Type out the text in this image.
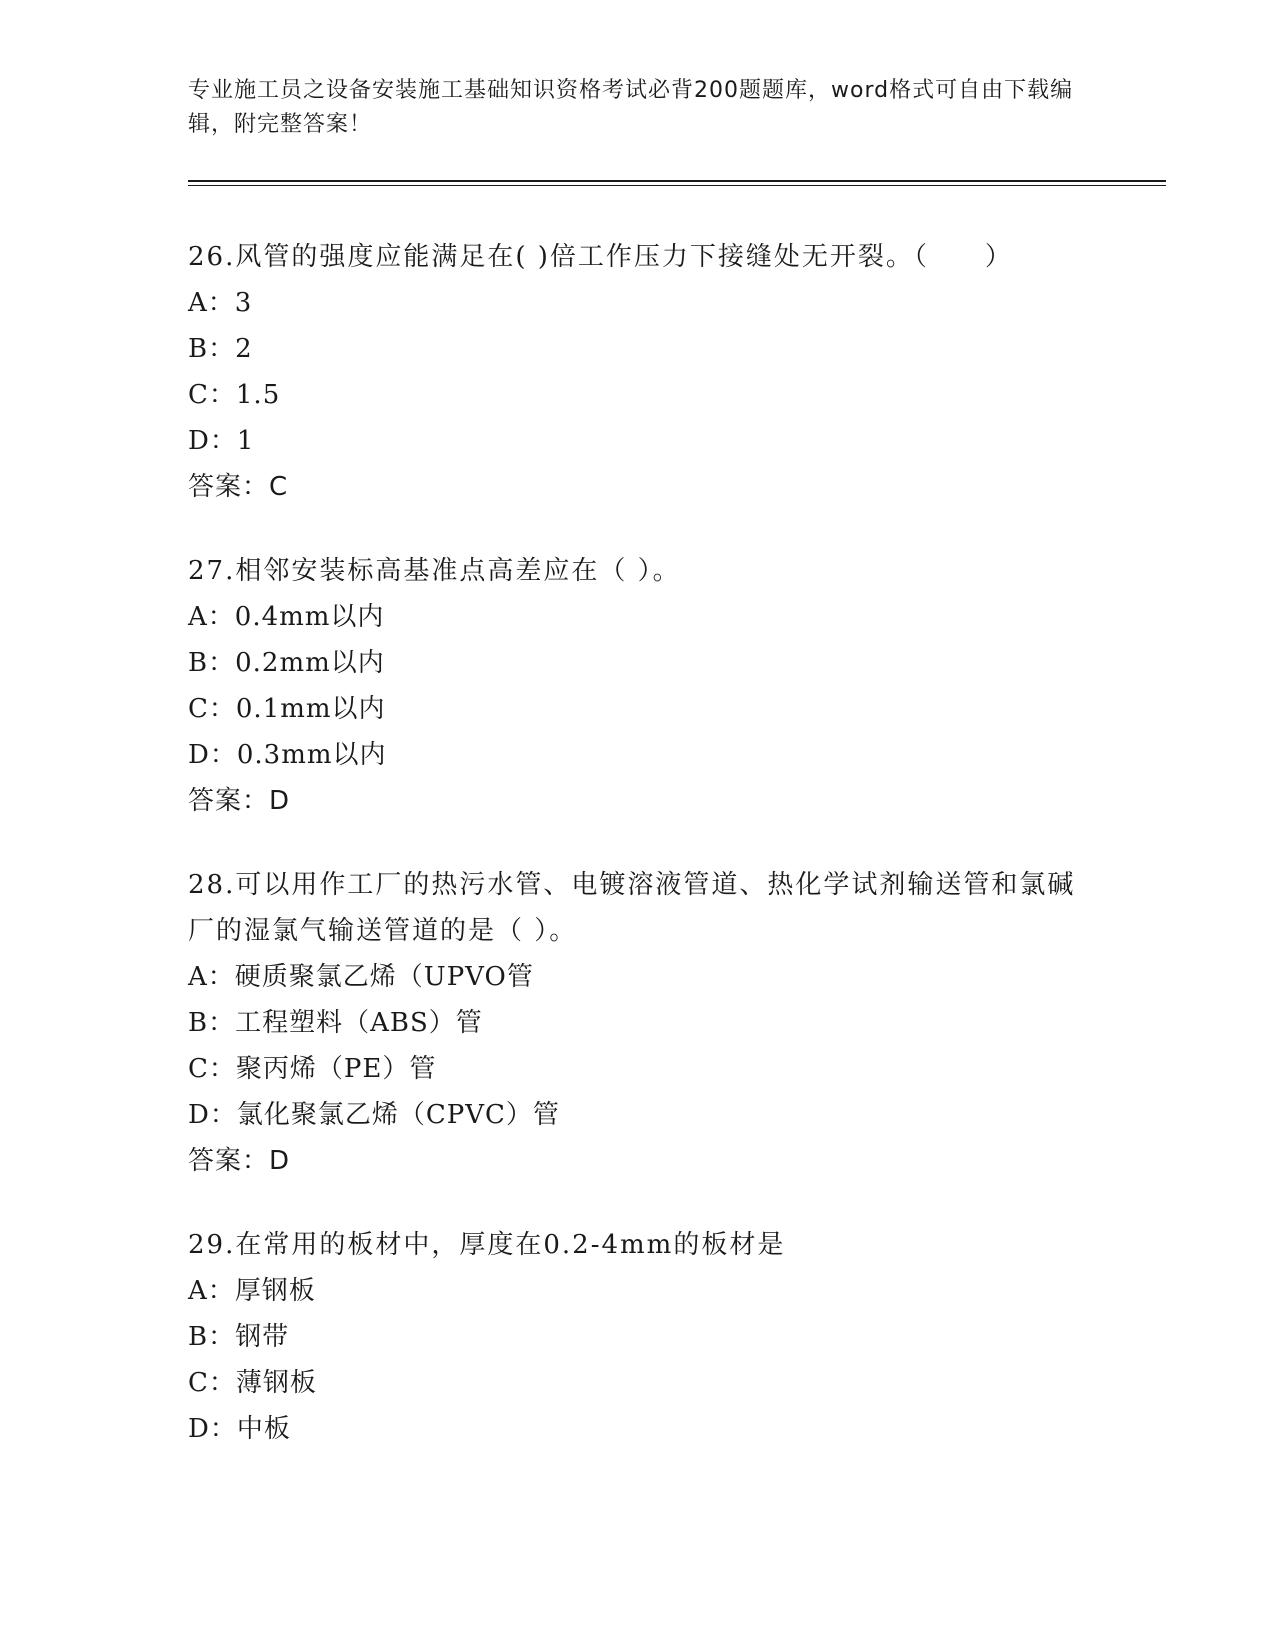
专业施工员之设备安装施工基础知识资格考试必背200题题库，word格式可自由下载编辑，附完整答案！
26.风管的强度应能满足在( )倍工作压力下接缝处无开裂。（　　）
A：3
B：2
C：1.5
D：1
答案：C
27.相邻安装标高基准点高差应在（ ）。
A：0.4mm以内
B：0.2mm以内
C：0.1mm以内
D：0.3mm以内
答案：D
28.可以用作工厂的热污水管、电镀溶液管道、热化学试剂输送管和氯碱厂的湿氯气输送管道的是（ ）。
A：硬质聚氯乙烯（UPVO管
B：工程塑料（ABS）管
C：聚丙烯（PE）管
D：氯化聚氯乙烯（CPVC）管
答案：D
29.在常用的板材中，厚度在0.2-4mm的板材是
A：厚钢板
B：钢带
C：薄钢板
D：中板
